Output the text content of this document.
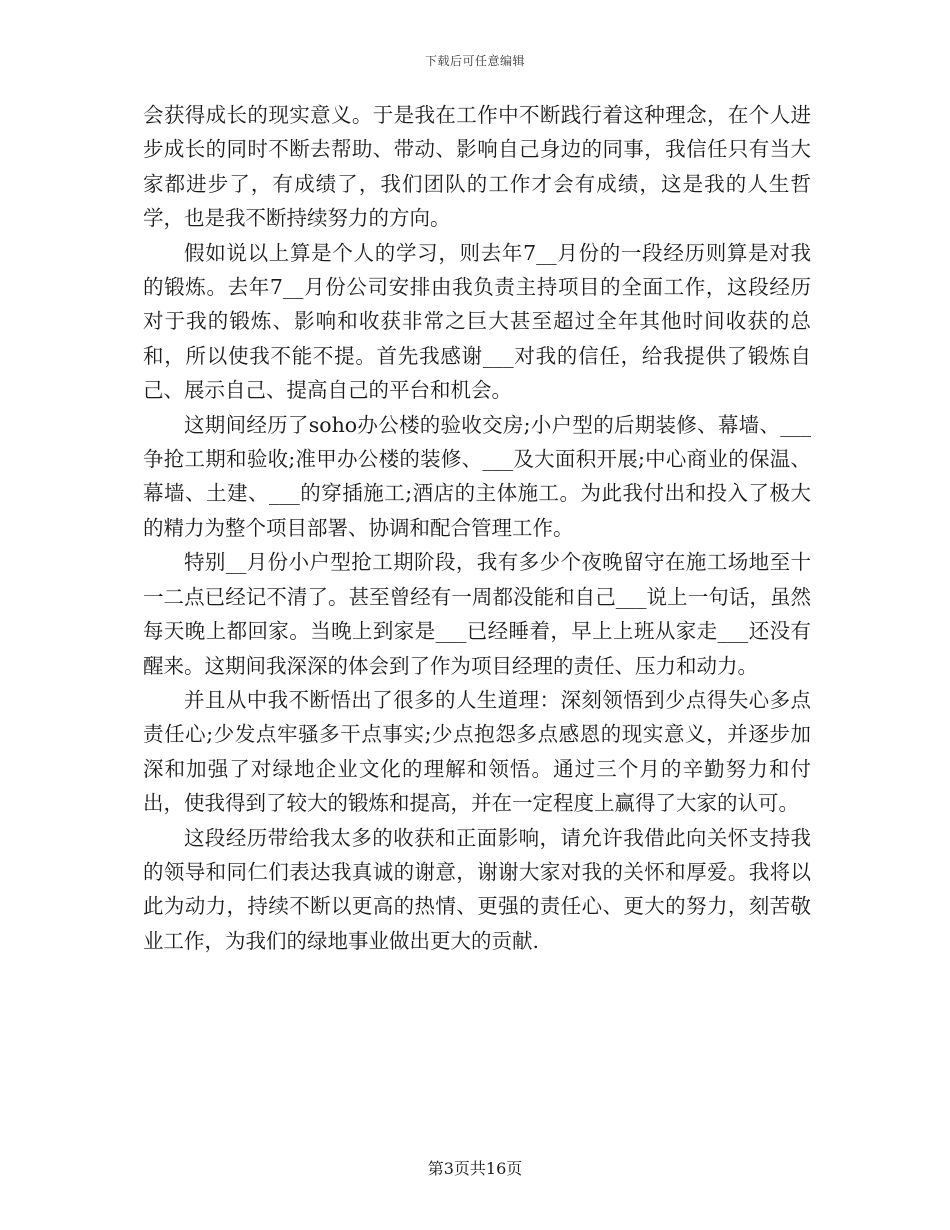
下载后可任意编辑

会获得成长的现实意义。于是我在工作中不断践行着这种理念，在个人进步成长的同时不断去帮助、带动、影响自己身边的同事，我信任只有当大家都进步了，有成绩了，我们团队的工作才会有成绩，这是我的人生哲学，也是我不断持续努力的方向。

假如说以上算是个人的学习，则去年7__月份的一段经历则算是对我的锻炼。去年7__月份公司安排由我负责主持项目的全面工作，这段经历对于我的锻炼、影响和收获非常之巨大甚至超过全年其他时间收获的总和，所以使我不能不提。首先我感谢___对我的信任，给我提供了锻炼自己、展示自己、提高自己的平台和机会。

这期间经历了soho办公楼的验收交房;小户型的后期装修、幕墙、___争抢工期和验收;准甲办公楼的装修、___及大面积开展;中心商业的保温、幕墙、土建、___的穿插施工;酒店的主体施工。为此我付出和投入了极大的精力为整个项目部署、协调和配合管理工作。

特别__月份小户型抢工期阶段，我有多少个夜晚留守在施工场地至十一二点已经记不清了。甚至曾经有一周都没能和自己___说上一句话，虽然每天晚上都回家。当晚上到家是___已经睡着，早上上班从家走___还没有醒来。这期间我深深的体会到了作为项目经理的责任、压力和动力。

并且从中我不断悟出了很多的人生道理：深刻领悟到少点得失心多点责任心;少发点牢骚多干点事实;少点抱怨多点感恩的现实意义，并逐步加深和加强了对绿地企业文化的理解和领悟。通过三个月的辛勤努力和付出，使我得到了较大的锻炼和提高，并在一定程度上赢得了大家的认可。

这段经历带给我太多的收获和正面影响，请允许我借此向关怀支持我的领导和同仁们表达我真诚的谢意，谢谢大家对我的关怀和厚爱。我将以此为动力，持续不断以更高的热情、更强的责任心、更大的努力，刻苦敬业工作，为我们的绿地事业做出更大的贡献.

第3页共16页
